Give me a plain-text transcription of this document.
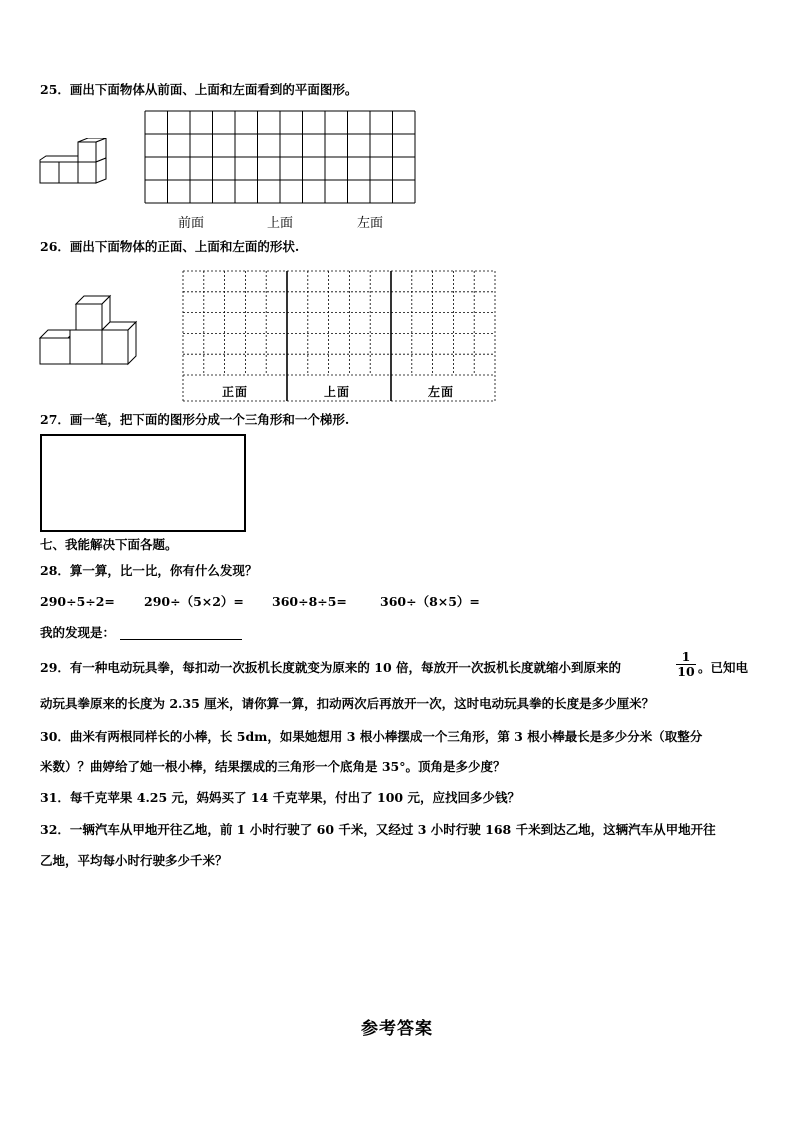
25．画出下面物体从前面、上面和左面看到的平面图形。
前面	上面	左面
26．画出下面物体的正面、上面和左面的形状.
正面	上面	左面
27．画一笔，把下面的图形分成一个三角形和一个梯形.
七、我能解决下面各题。
28．算一算，比一比，你有什么发现？
290÷5÷2= 290÷（5×2）= 360÷8÷5=	360÷（8×5）=
我的发现是：
29．有一种电动玩具拳，每扣动一次扳机长度就变为原来的 10 倍，每放开一次扳机长度就缩小到原来的	$\frac{1}{10}$ 。已知电
动玩具拳原来的长度为 2.35 厘米，请你算一算，扣动两次后再放开一次，这时电动玩具拳的长度是多少厘米？
30．曲米有两根同样长的小棒，长 5dm，如果她想用 3 根小棒摆成一个三角形，第 3 根小棒最长是多少分米（取整分
米数）？曲婷给了她一根小棒，结果摆成的三角形一个底角是 35°。顶角是多少度？
31．每千克苹果 4.25 元，妈妈买了 14 千克苹果，付出了 100 元，应找回多少钱？
32．一辆汽车从甲地开往乙地，前 1 小时行驶了 60 千米，又经过 3 小时行驶 168 千米到达乙地，这辆汽车从甲地开往
乙地，平均每小时行驶多少千米？
参考答案
